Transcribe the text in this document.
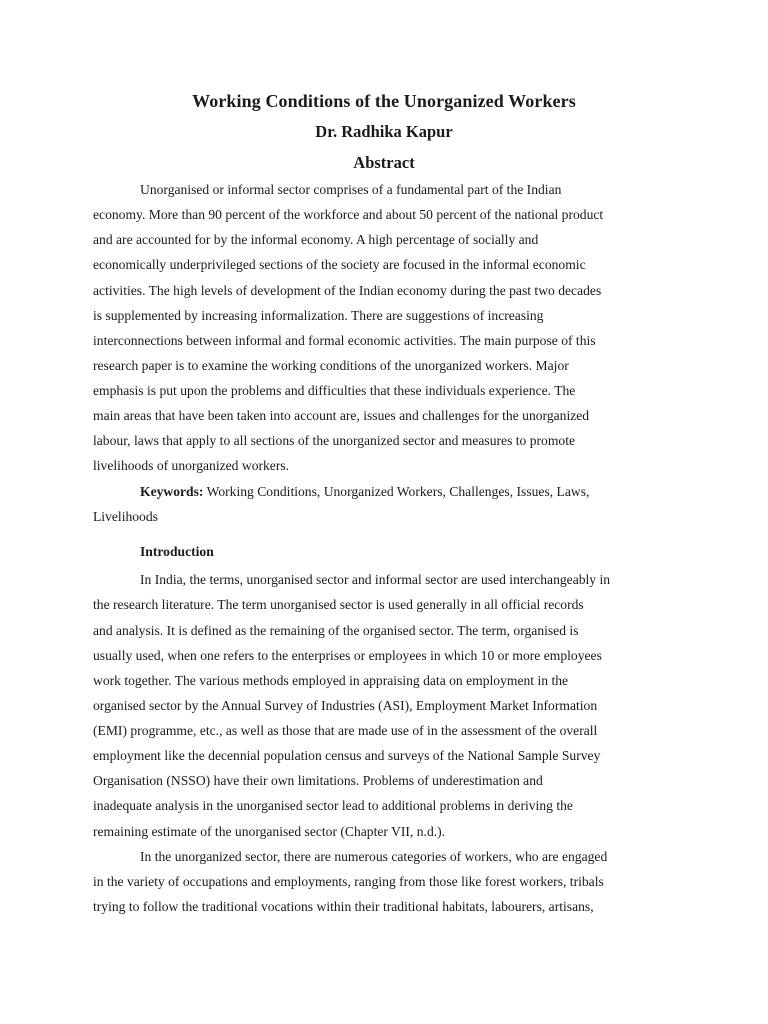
Working Conditions of the Unorganized Workers
Dr. Radhika Kapur
Abstract
Unorganised or informal sector comprises of a fundamental part of the Indian
economy. More than 90 percent of the workforce and about 50 percent of the national product
and are accounted for by the informal economy. A high percentage of socially and
economically underprivileged sections of the society are focused in the informal economic
activities. The high levels of development of the Indian economy during the past two decades
is supplemented by increasing informalization. There are suggestions of increasing
interconnections between informal and formal economic activities. The main purpose of this
research paper is to examine the working conditions of the unorganized workers. Major
emphasis is put upon the problems and difficulties that these individuals experience. The
main areas that have been taken into account are, issues and challenges for the unorganized
labour, laws that apply to all sections of the unorganized sector and measures to promote
livelihoods of unorganized workers.
Keywords: Working Conditions, Unorganized Workers, Challenges, Issues, Laws,
Livelihoods
Introduction
In India, the terms, unorganised sector and informal sector are used interchangeably in
the research literature. The term unorganised sector is used generally in all official records
and analysis. It is defined as the remaining of the organised sector. The term, organised is
usually used, when one refers to the enterprises or employees in which 10 or more employees
work together. The various methods employed in appraising data on employment in the
organised sector by the Annual Survey of Industries (ASI), Employment Market Information
(EMI) programme, etc., as well as those that are made use of in the assessment of the overall
employment like the decennial population census and surveys of the National Sample Survey
Organisation (NSSO) have their own limitations. Problems of underestimation and
inadequate analysis in the unorganised sector lead to additional problems in deriving the
remaining estimate of the unorganised sector (Chapter VII, n.d.).
In the unorganized sector, there are numerous categories of workers, who are engaged
in the variety of occupations and employments, ranging from those like forest workers, tribals
trying to follow the traditional vocations within their traditional habitats, labourers, artisans,
